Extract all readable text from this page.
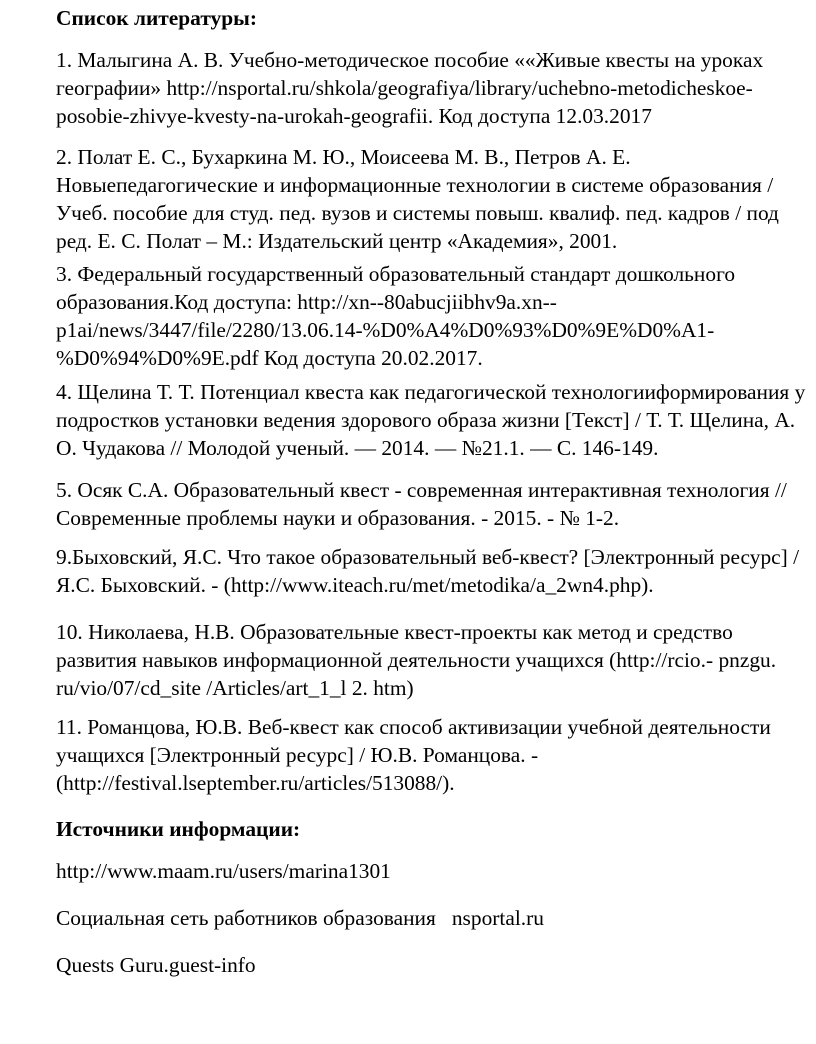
Список литературы:

1. Малыгина А. В. Учебно-методическое пособие ««Живые квесты на уроках
географии» http://nsportal.ru/shkola/geografiya/library/uchebno-metodicheskoe-
posobie-zhivye-kvesty-na-urokah-geografii. Код доступа 12.03.2017

2. Полат Е. С., Бухаркина М. Ю., Моисеева М. В., Петров А. Е.
Новыепедагогические и информационные технологии в системе образования /
Учеб. пособие для студ. пед. вузов и системы повыш. квалиф. пед. кадров / под
ред. Е. С. Полат – М.: Издательский центр «Академия», 2001.

3. Федеральный государственный образовательный стандарт дошкольного
образования.Код доступа: http://xn--80abucjiibhv9a.xn--
p1ai/news/3447/file/2280/13.06.14-%D0%A4%D0%93%D0%9E%D0%A1-
%D0%94%D0%9E.pdf Код доступа 20.02.2017.

4. Щелина Т. Т. Потенциал квеста как педагогической технологииформирования у
подростков установки ведения здорового образа жизни [Текст] / Т. Т. Щелина, А.
О. Чудакова // Молодой ученый. — 2014. — №21.1. — С. 146-149.

5. Осяк С.А. Образовательный квест - современная интерактивная технология //
Современные проблемы науки и образования. - 2015. - № 1-2.

9.Быховский, Я.С. Что такое образовательный веб-квест? [Электронный ресурс] /
Я.С. Быховский. - (http://www.iteach.ru/met/metodika/a_2wn4.php).

10. Николаева, Н.В. Образовательные квест-проекты как метод и средство
развития навыков информационной деятельности учащихся (http://rcio.- pnzgu.
ru/vio/07/cd_site /Articles/art_1_l 2. htm)

11. Романцова, Ю.В. Веб-квест как способ активизации учебной деятельности
учащихся [Электронный ресурс] / Ю.В. Романцова. -
(http://festival.lseptember.ru/articles/513088/).

Источники информации:

http://www.maam.ru/users/marina1301

Социальная сеть работников образования   nsportal.ru

Quests Guru.guest-info
